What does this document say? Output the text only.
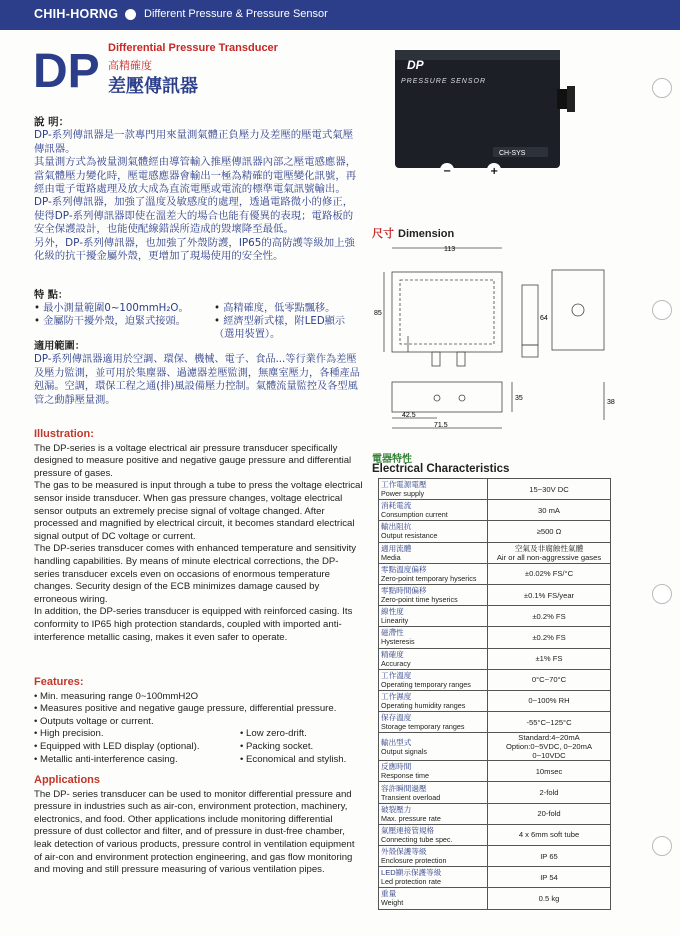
CHIH-HORNG Different Pressure & Pressure Sensor
DP Differential Pressure Transducer
高精確度
差壓傳訊器
DP
PRESSURE SENSOR
CH-SYS
−	+
說 明：
DP-系列傳訊器是一款專門用來量測氣體正負壓力及差壓的壓電式氣壓傳訊器。
其量測方式為被量測氣體經由導管輸入推壓傳訊器內部之壓電感應器，當氣體壓力變化時，壓電感應器會輸出一極為精確的電壓變化訊號，再經由電子電路處理及放大成為直流電壓或電流的標準電氣訊號輸出。
DP-系列傳訊器，加強了溫度及敏感度的處理，透過電路微小的修正，使得DP-系列傳訊器即使在溫差大的場合也能有優異的表現；電路板的安全保護設計，也能使配線錯誤所造成的毀壞降至最低。
另外，DP-系列傳訊器，也加強了外殼防護，IP65的高防護等級加上強化級的抗干擾金屬外殼，更增加了現場使用的安全性。
特 點：
• 最小測量範圍0~100mmH₂O。
• 金屬防干擾外殼，迫緊式接頭。
• 高精確度，低零點飄移。
• 經濟型新式樣，附LED顯示（選用裝置）。
適用範圍：
DP-系列傳訊器適用於空調、環保、機械、電子、食品...等行業作為差壓及壓力監測，並可用於集塵器、過濾器差壓監測，無塵室壓力，各種產品剋漏。空調，環保工程之通(排)風設備壓力控制。氣體流量監控及各型風管之動靜壓量測。
Illustration:
The DP-series is a voltage electrical air pressure transducer specifically designed to measure positive and negative gauge pressure and differential pressure of gases.
The gas to be measured is input through a tube to press the voltage electrical sensor inside transducer. When gas pressure changes, voltage electrical sensor outputs an extremely precise signal of voltage changed. After processed and magnified by electrical circuit, it becomes standard electrical signal output of DC voltage or current.
The DP-series transducer comes with enhanced temperature and sensitivity handling capabilities. By means of minute electrical corrections, the DP-series transducer excels even on occasions of enormous temperature changes. Security design of the ECB minimizes damage caused by erroneous wiring.
In addition, the DP-series transducer is equipped with reinforced casing. Its conformity to IP65 high protection standards, coupled with imported anti-interference metallic casing, makes it even safer to operate.
Features:
• Min. measuring range 0~100mmH2O
• Measures positive and negative gauge pressure, differential pressure.
• Outputs voltage or current.
• High precision.
• Equipped with LED display (optional).
• Metallic anti-interference casing.
• Low zero-drift.
• Packing socket.
• Economical and stylish.
Applications
The DP- series transducer can be used to monitor differential pressure and pressure in industries such as air-con, environment protection, machinery, electronics, and food. Other applications include monitoring differential pressure of dust collector and filter, and of pressure in dust-free chamber, leak detection of various products, pressure control in ventilation equipment of air-con and environment protection engineering, and gas flow monitoring and moving and still pressure measuring of various ventilation pipes.
尺寸 Dimension
113
85
64
42.5
71.5
35
38
電器特性
Electrical Characteristics
工作電源電壓
Power supply	15~30V DC

消耗電流
Consumption current	30 mA

輸出阻抗
Output resistance	≥500 Ω

適用流體
Media	空氣及非腐蝕性氣體
Air or all non-aggressive gases

零點溫度偏移
Zero-point temporary hyserics	±0.02% FS/°C

零點時間偏移
Zero-point time hyserics	±0.1% FS/year

線性度
Linearity	±0.2% FS

磁滯性
Hysteresis	±0.2% FS

精確度
Accuracy	±1% FS

工作溫度
Operating temporary ranges	0°C~70°C

工作濕度
Operating humidity ranges	0~100% RH

保存溫度
Storage temporary ranges	-55°C~125°C

輸出型式
Output signals	Standard:4~20mA
Option:0~5VDC, 0~20mA
0~10VDC

反應時間
Response time	10msec

容許瞬間過壓
Transient overload	2-fold

破裂壓力
Max. pressure rate	20-fold

氣壓連接管規格
Connecting tube spec.	4 x 6mm soft tube

外殼保護等級
Enclosure protection	IP 65

LED顯示保護等級
Led protection rate	IP 54

重量
Weight	0.5 kg
